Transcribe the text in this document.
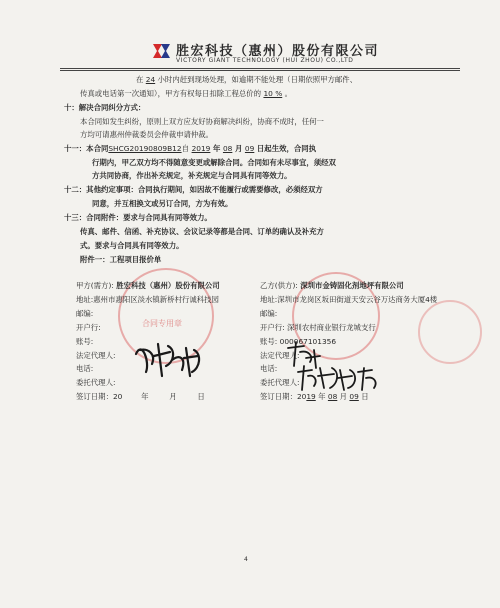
胜宏科技（惠州）股份有限公司
VICTORY GIANT TECHNOLOGY (HUI ZHOU) CO.,LTD
在 24 小时内赶到现场处理，如逾期不能处理（日期依照甲方邮件、
传真或电话第一次通知），甲方有权每日扣除工程总价的 10 % 。
十：解决合同纠分方式：
本合同如发生纠纷，原则上双方应友好协商解决纠纷，协商不成时，任何一
方均可请惠州仲裁委员会仲裁申请仲裁。
十一：本合同SHCG20190809B12自 2019 年 08 月 09 日起生效，合同执
行期内，甲乙双方均不得随意变更或解除合同。合同如有未尽事宜，须经双
方共同协商，作出补充规定，补充规定与合同具有同等效力。
十二：其他约定事项：合同执行期间，如因故不能履行或需要修改，必须经双方
同意，并互相换文或另订合同，方为有效。
十三：合同附件：要求与合同具有同等效力。
传真、邮件、信函、补充协议、会议记录等都是合同、订单的确认及补充方
式。要求与合同具有同等效力。
附件一：工程项目报价单
合同专用章
甲方(需方): 胜宏科技（惠州）股份有限公司
地址:惠州市惠阳区淡水镇新桥村行诚科技园
邮编:
开户行:
账号:
法定代理人:
电话:
委托代理人:
签订日期：20	年	月	日
乙方(供方): 深圳市金铸固化剂地坪有限公司
地址:深圳市龙岗区坂田街道天安云谷万达商务大厦4楼
邮编:
开户行: 深圳农村商业银行龙城支行
账号: 000067101356
法定代理人:
电话:
委托代理人:
签订日期：2019 年 08 月 09 日
4
